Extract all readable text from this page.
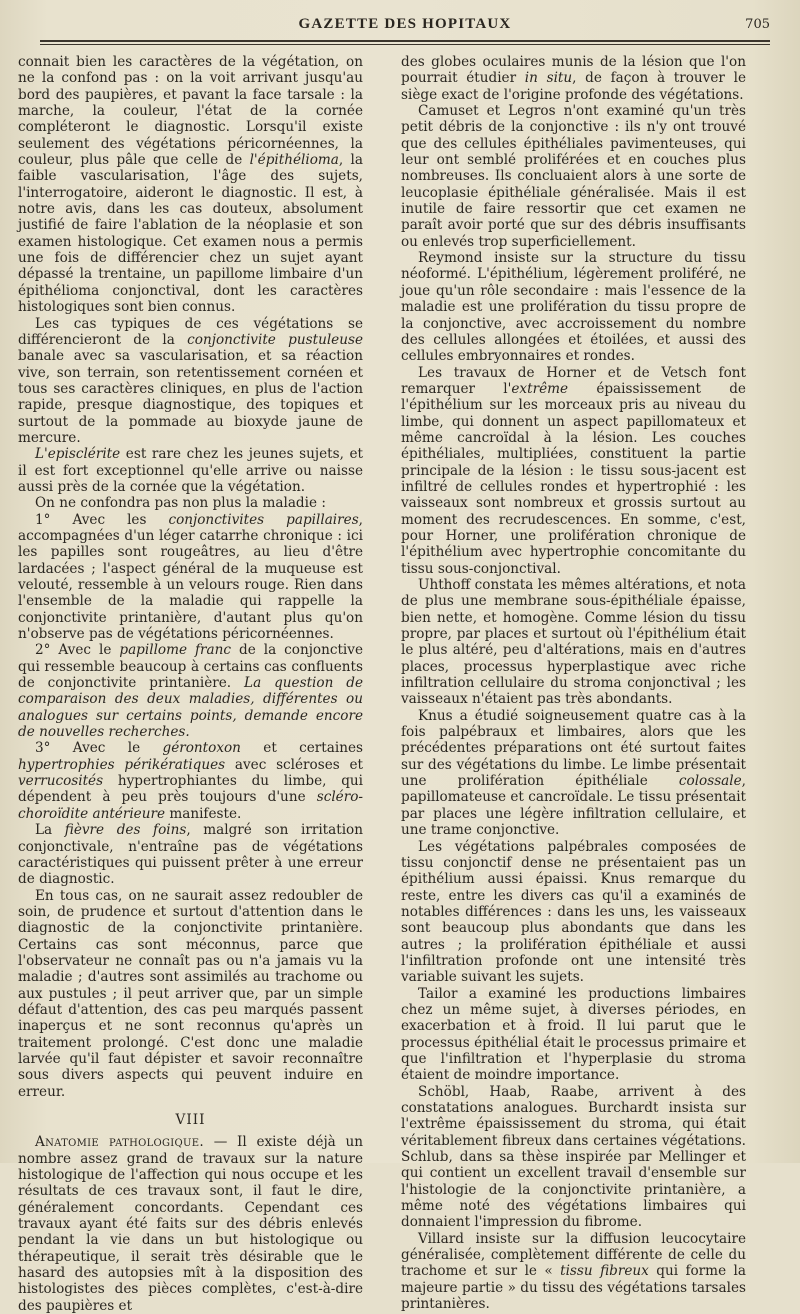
GAZETTE DES HOPITAUX	705

connait bien les caractères de la végétation, on ne la confond pas : on la voit arrivant jusqu'au bord des paupières, et pavant la face tarsale : la marche, la couleur, l'état de la cornée compléteront le diagnostic. Lorsqu'il existe seulement des végétations péricornéennes, la couleur, plus pâle que celle de l'épithélioma, la faible vascularisation, l'âge des sujets, l'interrogatoire, aideront le diagnostic. Il est, à notre avis, dans les cas douteux, absolument justifié de faire l'ablation de la néoplasie et son examen histologique. Cet examen nous a permis une fois de différencier chez un sujet ayant dépassé la trentaine, un papillome limbaire d'un épithélioma conjonctival, dont les caractères histologiques sont bien connus.

Les cas typiques de ces végétations se différencieront de la conjonctivite pustuleuse banale avec sa vascularisation, et sa réaction vive, son terrain, son retentissement cornéen et tous ses caractères cliniques, en plus de l'action rapide, presque diagnostique, des topiques et surtout de la pommade au bioxyde jaune de mercure.

L'episclérite est rare chez les jeunes sujets, et il est fort exceptionnel qu'elle arrive ou naisse aussi près de la cornée que la végétation.

On ne confondra pas non plus la maladie :

1° Avec les conjonctivites papillaires, accompagnées d'un léger catarrhe chronique : ici les papilles sont rougeâtres, au lieu d'être lardacées ; l'aspect général de la muqueuse est velouté, ressemble à un velours rouge. Rien dans l'ensemble de la maladie qui rappelle la conjonctivite printanière, d'autant plus qu'on n'observe pas de végétations péricornéennes.

2° Avec le papillome franc de la conjonctive qui ressemble beaucoup à certains cas confluents de conjonctivite printanière. La question de comparaison des deux maladies, différentes ou analogues sur certains points, demande encore de nouvelles recherches.

3° Avec le gérontoxon et certaines hypertrophies périkératiques avec scléroses et verrucosités hypertrophiantes du limbe, qui dépendent à peu près toujours d'une scléro-choroïdite antérieure manifeste.

La fièvre des foins, malgré son irritation conjonctivale, n'entraîne pas de végétations caractéristiques qui puissent prêter à une erreur de diagnostic.

En tous cas, on ne saurait assez redoubler de soin, de prudence et surtout d'attention dans le diagnostic de la conjonctivite printanière. Certains cas sont méconnus, parce que l'observateur ne connaît pas ou n'a jamais vu la maladie ; d'autres sont assimilés au trachome ou aux pustules ; il peut arriver que, par un simple défaut d'attention, des cas peu marqués passent inaperçus et ne sont reconnus qu'après un traitement prolongé. C'est donc une maladie larvée qu'il faut dépister et savoir reconnaître sous divers aspects qui peuvent induire en erreur.

VIII

Anatomie pathologique. — Il existe déjà un nombre assez grand de travaux sur la nature histologique de l'affection qui nous occupe et les résultats de ces travaux sont, il faut le dire, généralement concordants. Cependant ces travaux ayant été faits sur des débris enlevés pendant la vie dans un but histologique ou thérapeutique, il serait très désirable que le hasard des autopsies mît à la disposition des histologistes des pièces complètes, c'est-à-dire des paupières et

des globes oculaires munis de la lésion que l'on pourrait étudier in situ, de façon à trouver le siège exact de l'origine profonde des végétations.

Camuset et Legros n'ont examiné qu'un très petit débris de la conjonctive : ils n'y ont trouvé que des cellules épithéliales pavimenteuses, qui leur ont semblé proliférées et en couches plus nombreuses. Ils concluaient alors à une sorte de leucoplasie épithéliale généralisée. Mais il est inutile de faire ressortir que cet examen ne paraît avoir porté que sur des débris insuffisants ou enlevés trop superficiellement.

Reymond insiste sur la structure du tissu néoformé. L'épithélium, légèrement proliféré, ne joue qu'un rôle secondaire : mais l'essence de la maladie est une prolifération du tissu propre de la conjonctive, avec accroissement du nombre des cellules allongées et étoilées, et aussi des cellules embryonnaires et rondes.

Les travaux de Horner et de Vetsch font remarquer l'extrême épaississement de l'épithélium sur les morceaux pris au niveau du limbe, qui donnent un aspect papillomateux et même cancroïdal à la lésion. Les couches épithéliales, multipliées, constituent la partie principale de la lésion : le tissu sous-jacent est infiltré de cellules rondes et hypertrophié : les vaisseaux sont nombreux et grossis surtout au moment des recrudescences. En somme, c'est, pour Horner, une prolifération chronique de l'épithélium avec hypertrophie concomitante du tissu sous-conjonctival.

Uhthoff constata les mêmes altérations, et nota de plus une membrane sous-épithéliale épaisse, bien nette, et homogène. Comme lésion du tissu propre, par places et surtout où l'épithélium était le plus altéré, peu d'altérations, mais en d'autres places, processus hyperplastique avec riche infiltration cellulaire du stroma conjonctival ; les vaisseaux n'étaient pas très abondants.

Knus a étudié soigneusement quatre cas à la fois palpébraux et limbaires, alors que les précédentes préparations ont été surtout faites sur des végétations du limbe. Le limbe présentait une prolifération épithéliale colossale, papillomateuse et cancroïdale. Le tissu présentait par places une légère infiltration cellulaire, et une trame conjonctive.

Les végétations palpébrales composées de tissu conjonctif dense ne présentaient pas un épithélium aussi épaissi. Knus remarque du reste, entre les divers cas qu'il a examinés de notables différences : dans les uns, les vaisseaux sont beaucoup plus abondants que dans les autres ; la prolifération épithéliale et aussi l'infiltration profonde ont une intensité très variable suivant les sujets.

Tailor a examiné les productions limbaires chez un même sujet, à diverses périodes, en exacerbation et à froid. Il lui parut que le processus épithélial était le processus primaire et que l'infiltration et l'hyperplasie du stroma étaient de moindre importance.

Schöbl, Haab, Raabe, arrivent à des constatations analogues. Burchardt insista sur l'extrême épaississement du stroma, qui était véritablement fibreux dans certaines végétations. Schlub, dans sa thèse inspirée par Mellinger et qui contient un excellent travail d'ensemble sur l'histologie de la conjonctivite printanière, a même noté des végétations limbaires qui donnaient l'impression du fibrome.

Villard insiste sur la diffusion leucocytaire généralisée, complètement différente de celle du trachome et sur le « tissu fibreux qui forme la majeure partie » du tissu des végétations tarsales printanières.
